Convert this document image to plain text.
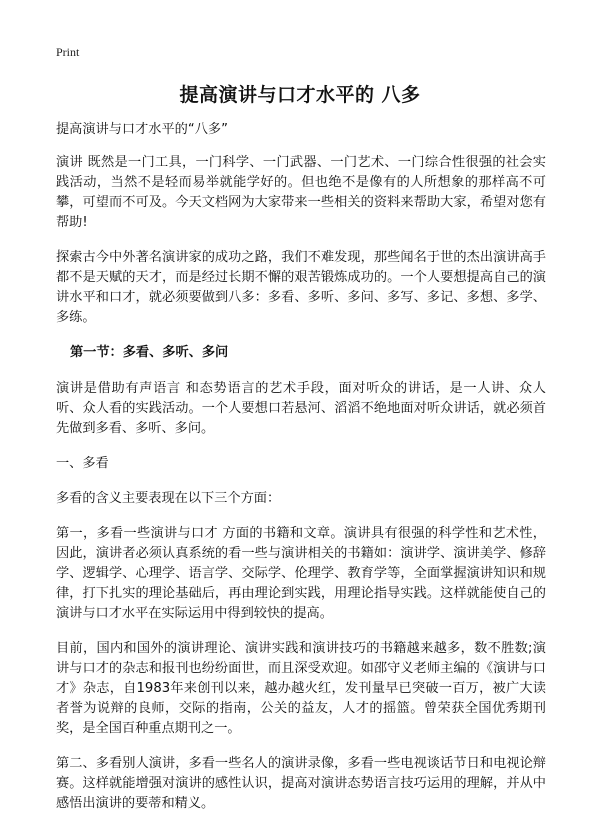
Print
提高演讲与口才水平的 八多

提高演讲与口才水平的“八多”

演讲 既然是一门工具，一门科学、一门武器、一门艺术、一门综合性很强的社会实践活动，当然不是轻而易举就能学好的。但也绝不是像有的人所想象的那样高不可攀，可望而不可及。今天文档网为大家带来一些相关的资料来帮助大家，希望对您有帮助!

探索古今中外著名演讲家的成功之路，我们不难发现，那些闻名于世的杰出演讲高手都不是天赋的天才，而是经过长期不懈的艰苦锻炼成功的。一个人要想提高自己的演讲水平和口才，就必须要做到八多：多看、多听、多问、多写、多记、多想、多学、多练。

第一节：多看、多听、多问

演讲是借助有声语言 和态势语言的艺术手段，面对听众的讲话，是一人讲、众人听、众人看的实践活动。一个人要想口若悬河、滔滔不绝地面对听众讲话，就必须首先做到多看、多听、多问。

一、多看

多看的含义主要表现在以下三个方面：

第一，多看一些演讲与口才 方面的书籍和文章。演讲具有很强的科学性和艺术性，因此，演讲者必须认真系统的看一些与演讲相关的书籍如：演讲学、演讲美学、修辞学、逻辑学、心理学、语言学、交际学、伦理学、教育学等，全面掌握演讲知识和规律，打下扎实的理论基础后，再由理论到实践，用理论指导实践。这样就能使自己的演讲与口才水平在实际运用中得到较快的提高。

目前，国内和国外的演讲理论、演讲实践和演讲技巧的书籍越来越多，数不胜数;演讲与口才的杂志和报刊也纷纷面世，而且深受欢迎。如邵守义老师主编的《演讲与口才》杂志，自1983年来创刊以来，越办越火红，发刊量早已突破一百万，被广大读者誉为说辩的良师，交际的指南，公关的益友，人才的摇篮。曾荣获全国优秀期刊奖，是全国百种重点期刊之一。

第二、多看别人演讲，多看一些名人的演讲录像，多看一些电视谈话节日和电视论辩赛。这样就能增强对演讲的感性认识，提高对演讲态势语言技巧运用的理解，并从中感悟出演讲的要蒂和精义。
